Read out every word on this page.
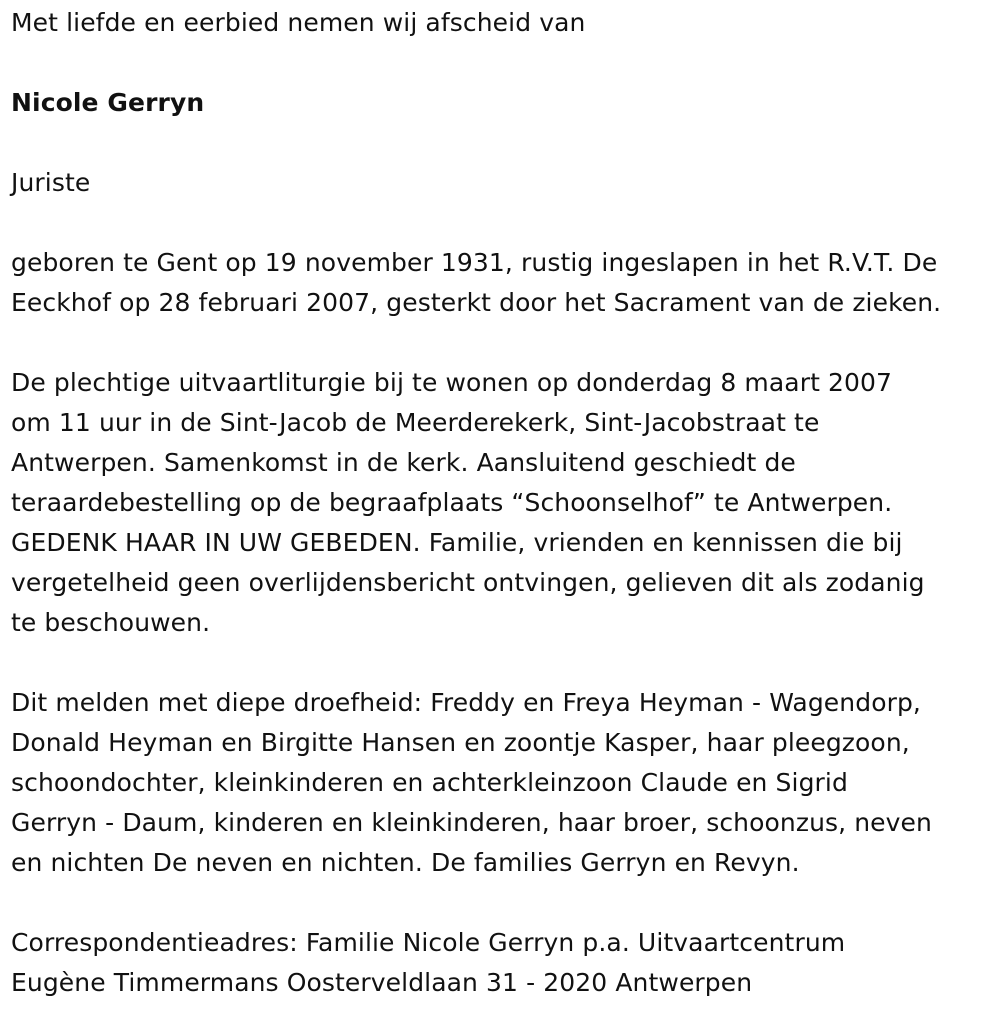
Met liefde en eerbied nemen wij afscheid van

Nicole Gerryn

Juriste

geboren te Gent op 19 november 1931, rustig ingeslapen in het R.V.T. De
Eeckhof op 28 februari 2007, gesterkt door het Sacrament van de zieken.

De plechtige uitvaartliturgie bij te wonen op donderdag 8 maart 2007
om 11 uur in de Sint-Jacob de Meerderekerk, Sint-Jacobstraat te
Antwerpen. Samenkomst in de kerk. Aansluitend geschiedt de
teraardebestelling op de begraafplaats “Schoonselhof” te Antwerpen.
GEDENK HAAR IN UW GEBEDEN. Familie, vrienden en kennissen die bij
vergetelheid geen overlijdensbericht ontvingen, gelieven dit als zodanig
te beschouwen.

Dit melden met diepe droefheid: Freddy en Freya Heyman - Wagendorp,
Donald Heyman en Birgitte Hansen en zoontje Kasper, haar pleegzoon,
schoondochter, kleinkinderen en achterkleinzoon Claude en Sigrid
Gerryn - Daum, kinderen en kleinkinderen, haar broer, schoonzus, neven
en nichten De neven en nichten. De families Gerryn en Revyn.

Correspondentieadres: Familie Nicole Gerryn p.a. Uitvaartcentrum
Eugène Timmermans Oosterveldlaan 31 - 2020 Antwerpen
